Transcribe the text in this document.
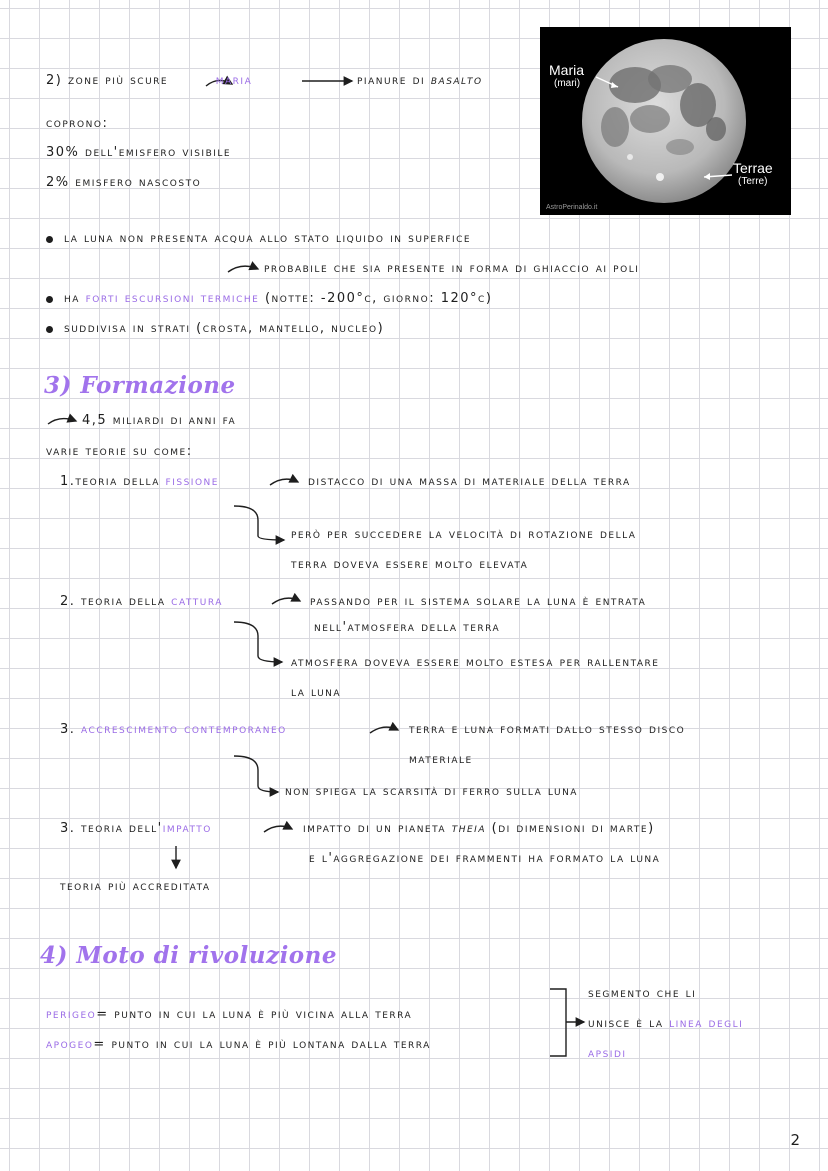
Maria
(mari)
Terrae
(Terre)
AstroPerinaldo.it
2) zone più scure	maria	pianure di basalto
coprono:
30% dell'emisfero visibile
2% emisfero nascosto
la luna non presenta acqua allo stato liquido in superfice
probabile che sia presente in forma di ghiaccio ai poli
ha forti escursioni termiche (notte: -200°c, giorno: 120°c)
suddivisa in strati (crosta, mantello, nucleo)
3) Formazione
4,5 miliardi di anni fa
varie teorie su come:
1.teoria della fissione	distacco di una massa di materiale della terra
però per succedere la velocità di rotazione della
terra doveva essere molto elevata
2. teoria della cattura	passando per il sistema solare la luna è entrata
nell'atmosfera della terra
atmosfera doveva essere molto estesa per rallentare
la luna
3. accrescimento contemporaneo	terra e luna formati dallo stesso disco
materiale
non spiega la scarsità di ferro sulla luna
3. teoria dell'impatto	impatto di un pianeta theia (di dimensioni di marte)
e l'aggregazione dei frammenti ha formato la luna
teoria più accreditata
4) Moto di rivoluzione
perigeo= punto in cui la luna è più vicina alla terra
apogeo= punto in cui la luna è più lontana dalla terra
segmento che li
unisce è la linea degli
apsidi
2
